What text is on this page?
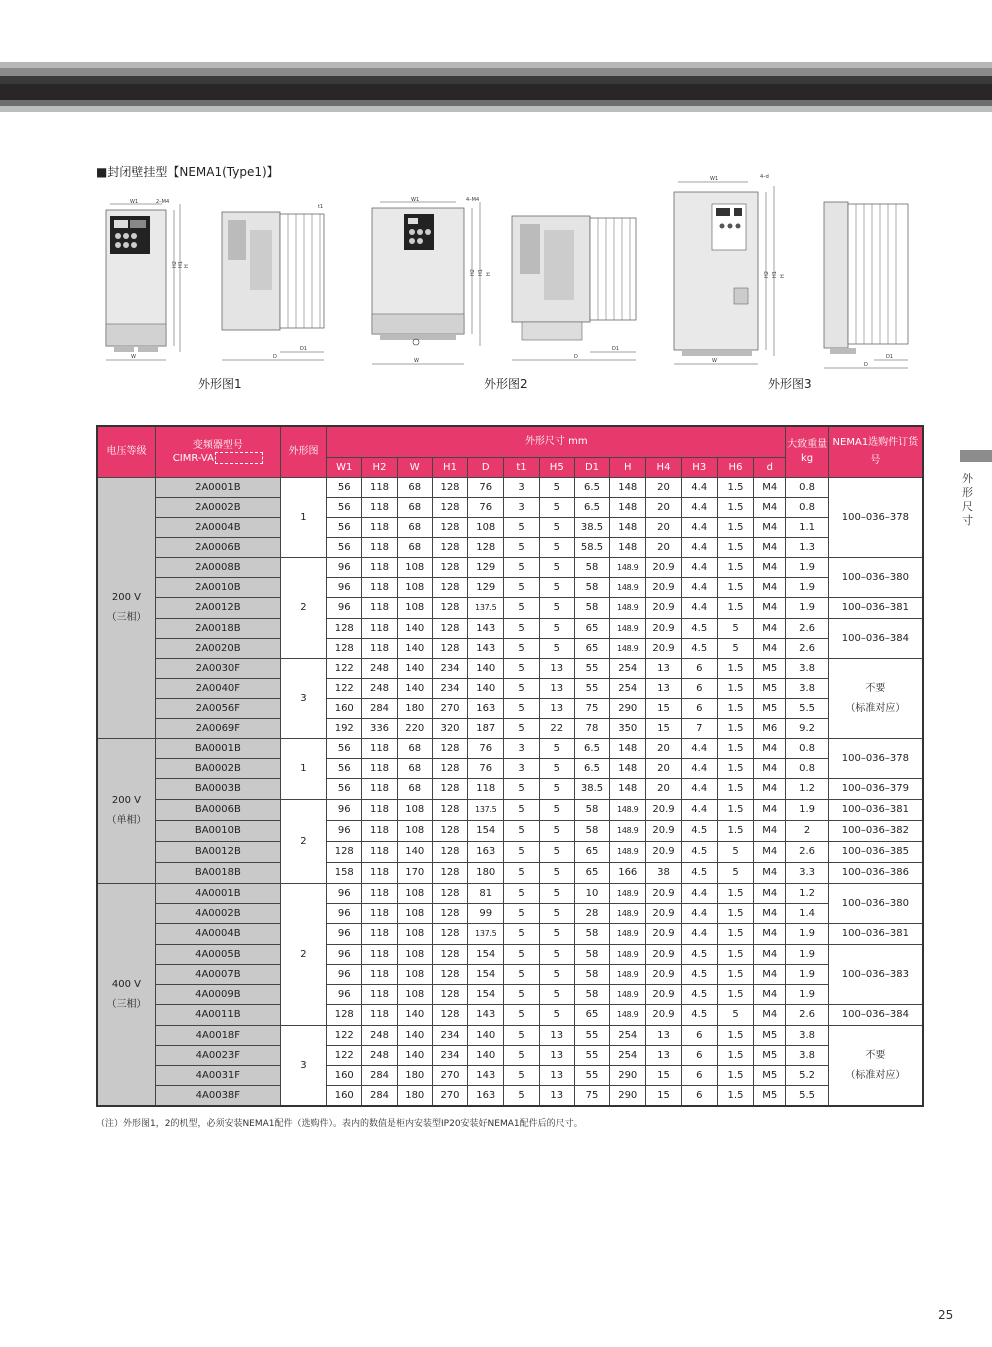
■封闭壁挂型【NEMA1(Type1)】
W1	2–M4
W
H2 H1 H
D
D1
t1
外形图1
W1	4–M4
W
H2 H1 H
D
D1
外形图2
W1	4–d
W
H2 H1 H
D
D1
外形图3
外形尺寸
电压等级	变频器型号
CIMR-VA	外形图	外形尺寸 mm													大致重量kg	NEMA1选购件订货号
			W1	H2	W	H1	D	t1	H5	D1	H	H4	H3	H6	d		
200 V
（三相）	2A0001B	1	56	118	68	128	76	3	5	6.5	148	20	4.4	1.5	M4	0.8	100–036–378
	2A0002B		56	118	68	128	76	3	5	6.5	148	20	4.4	1.5	M4	0.8	
	2A0004B		56	118	68	128	108	5	5	38.5	148	20	4.4	1.5	M4	1.1	
	2A0006B		56	118	68	128	128	5	5	58.5	148	20	4.4	1.5	M4	1.3	
	2A0008B	2	96	118	108	128	129	5	5	58	148.9	20.9	4.4	1.5	M4	1.9	100–036–380
	2A0010B		96	118	108	128	129	5	5	58	148.9	20.9	4.4	1.5	M4	1.9	
	2A0012B		96	118	108	128	137.5	5	5	58	148.9	20.9	4.4	1.5	M4	1.9	100–036–381
	2A0018B		128	118	140	128	143	5	5	65	148.9	20.9	4.5	5	M4	2.6	100–036–384
	2A0020B		128	118	140	128	143	5	5	65	148.9	20.9	4.5	5	M4	2.6	
	2A0030F	3	122	248	140	234	140	5	13	55	254	13	6	1.5	M5	3.8	不要
（标准对应）
	2A0040F		122	248	140	234	140	5	13	55	254	13	6	1.5	M5	3.8	
	2A0056F		160	284	180	270	163	5	13	75	290	15	6	1.5	M5	5.5	
	2A0069F		192	336	220	320	187	5	22	78	350	15	7	1.5	M6	9.2	
200 V
（单相）	BA0001B	1	56	118	68	128	76	3	5	6.5	148	20	4.4	1.5	M4	0.8	100–036–378
	BA0002B		56	118	68	128	76	3	5	6.5	148	20	4.4	1.5	M4	0.8	
	BA0003B		56	118	68	128	118	5	5	38.5	148	20	4.4	1.5	M4	1.2	100–036–379
	BA0006B	2	96	118	108	128	137.5	5	5	58	148.9	20.9	4.4	1.5	M4	1.9	100–036–381
	BA0010B		96	118	108	128	154	5	5	58	148.9	20.9	4.5	1.5	M4	2	100–036–382
	BA0012B		128	118	140	128	163	5	5	65	148.9	20.9	4.5	5	M4	2.6	100–036–385
	BA0018B		158	118	170	128	180	5	5	65	166	38	4.5	5	M4	3.3	100–036–386
400 V
（三相）	4A0001B	2	96	118	108	128	81	5	5	10	148.9	20.9	4.4	1.5	M4	1.2	100–036–380
	4A0002B		96	118	108	128	99	5	5	28	148.9	20.9	4.4	1.5	M4	1.4	
	4A0004B		96	118	108	128	137.5	5	5	58	148.9	20.9	4.4	1.5	M4	1.9	100–036–381
	4A0005B		96	118	108	128	154	5	5	58	148.9	20.9	4.5	1.5	M4	1.9	100–036–383
	4A0007B		96	118	108	128	154	5	5	58	148.9	20.9	4.5	1.5	M4	1.9	
	4A0009B		96	118	108	128	154	5	5	58	148.9	20.9	4.5	1.5	M4	1.9	
	4A0011B		128	118	140	128	143	5	5	65	148.9	20.9	4.5	5	M4	2.6	100–036–384
	4A0018F	3	122	248	140	234	140	5	13	55	254	13	6	1.5	M5	3.8	不要
（标准对应）
	4A0023F		122	248	140	234	140	5	13	55	254	13	6	1.5	M5	3.8	
	4A0031F		160	284	180	270	143	5	13	55	290	15	6	1.5	M5	5.2	
	4A0038F		160	284	180	270	163	5	13	75	290	15	6	1.5	M5	5.5	
（注）外形图1，2的机型，必须安装NEMA1配件（选购件）。表内的数值是柜内安装型IP20安装好NEMA1配件后的尺寸。
25
